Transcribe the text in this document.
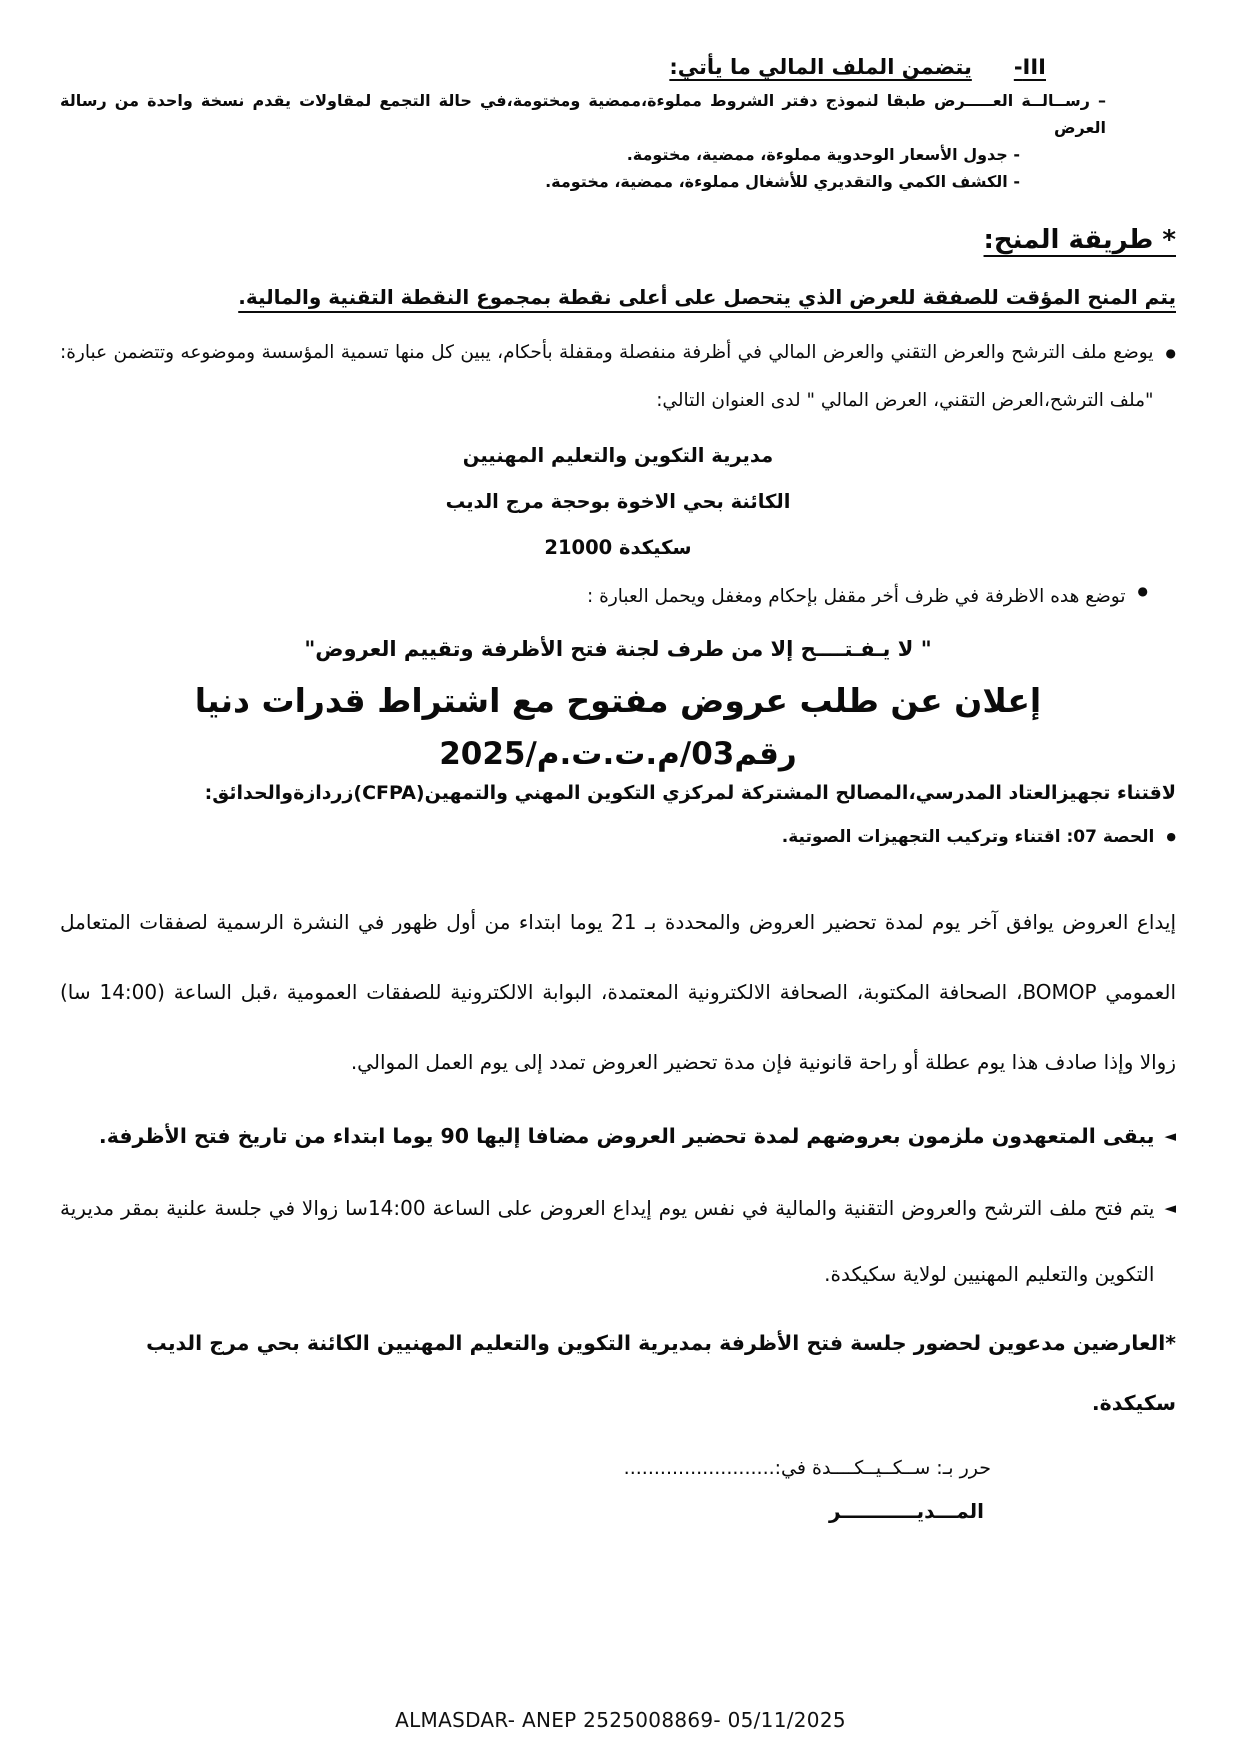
III-يتضمن الملف المالي ما يأتي:
– رســالــة العـــــرض طبقا لنموذج دفتر الشروط مملوءة،ممضية ومختومة،في حالة التجمع لمقاولات يقدم نسخة واحدة من رسالة العرض
- جدول الأسعار الوحدوية مملوءة، ممضية، مختومة.
- الكشف الكمي والتقديري للأشغال مملوءة، ممضية، مختومة.
* طريقة المنح:
يتم المنح المؤقت للصفقة للعرض الذي يتحصل على أعلى نقطة بمجموع النقطة التقنية والمالية.
●
يوضع ملف الترشح والعرض التقني والعرض المالي في أظرفة منفصلة ومقفلة بأحكام، يبين كل منها تسمية المؤسسة وموضوعه وتتضمن عبارة: "ملف الترشح،العرض التقني، العرض المالي " لدى العنوان التالي:
مديرية التكوين والتعليم المهنيين
الكائنة بحي الاخوة بوحجة مرج الديب
سكيكدة 21000
●
توضع هده الاظرفة في ظرف أخر مقفل بإحكام ومغفل ويحمل العبارة :
" لا يـفـتــــح إلا من طرف لجنة فتح الأظرفة وتقييم العروض"
إعلان عن طلب عروض مفتوح مع اشتراط قدرات دنيا
رقم03/م.ت.ت.م/2025
لاقتناء تجهيزالعتاد المدرسي،المصالح المشتركة لمركزي التكوين المهني والتمهين(CFPA)زردازةوالحدائق:
●
الحصة 07: اقتناء وتركيب التجهيزات الصوتية.
إيداع العروض يوافق آخر يوم لمدة تحضير العروض والمحددة بـ 21 يوما ابتداء من أول ظهور في النشرة الرسمية لصفقات المتعامل العمومي BOMOP، الصحافة المكتوبة، الصحافة الالكترونية المعتمدة، البوابة الالكترونية للصفقات العمومية ،قبل الساعة (14:00 سا) زوالا وإذا صادف هذا يوم عطلة أو راحة قانونية فإن مدة تحضير العروض تمدد إلى يوم العمل الموالي.
◄
يبقى المتعهدون ملزمون بعروضهم لمدة تحضير العروض مضافا إليها 90 يوما ابتداء من تاريخ فتح الأظرفة.
◄
يتم فتح ملف الترشح والعروض التقنية والمالية في نفس يوم إيداع العروض على الساعة 14:00سا زوالا في جلسة علنية بمقر مديرية التكوين والتعليم المهنيين لولاية سكيكدة.
*العارضين مدعوين لحضور جلسة فتح الأظرفة بمديرية التكوين والتعليم المهنيين الكائنة بحي مرج الديب سكيكدة.
حرر بـ: ســكــيــكــــدة في:.........................
المـــديـــــــــــر
ALMASDAR- ANEP 2525008869- 05/11/2025
